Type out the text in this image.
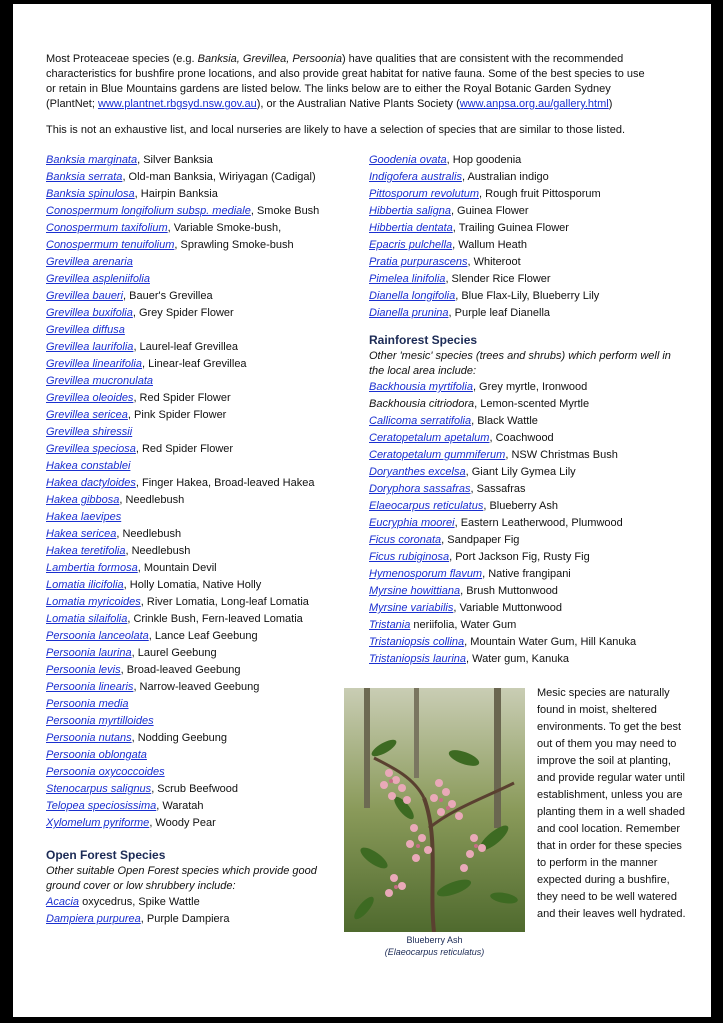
Most Proteaceae species (e.g. Banksia, Grevillea, Persoonia) have qualities that are consistent with the recommended characteristics for bushfire prone locations, and also provide great habitat for native fauna. Some of the best species to use or retain in Blue Mountains gardens are listed below. The links below are to either the Royal Botanic Garden Sydney (PlantNet; www.plantnet.rbgsyd.nsw.gov.au), or the Australian Native Plants Society (www.anpsa.org.au/gallery.html)

This is not an exhaustive list, and local nurseries are likely to have a selection of species that are similar to those listed.

Banksia marginata, Silver Banksia
Banksia serrata, Old-man Banksia, Wiriyagan (Cadigal)
Banksia spinulosa, Hairpin Banksia
Conospermum longifolium subsp. mediale, Smoke Bush
Conospermum taxifolium, Variable Smoke-bush,
Conospermum tenuifolium, Sprawling Smoke-bush
Grevillea arenaria
Grevillea aspleniifolia
Grevillea baueri, Bauer's Grevillea
Grevillea buxifolia, Grey Spider Flower
Grevillea diffusa
Grevillea laurifolia, Laurel-leaf Grevillea
Grevillea linearifolia, Linear-leaf Grevillea
Grevillea mucronulata
Grevillea oleoides, Red Spider Flower
Grevillea sericea, Pink Spider Flower
Grevillea shiressii
Grevillea speciosa, Red Spider Flower
Hakea constablei
Hakea dactyloides, Finger Hakea, Broad-leaved Hakea
Hakea gibbosa, Needlebush
Hakea laevipes
Hakea sericea, Needlebush
Hakea teretifolia, Needlebush
Lambertia formosa, Mountain Devil
Lomatia ilicifolia, Holly Lomatia, Native Holly
Lomatia myricoides, River Lomatia, Long-leaf Lomatia
Lomatia silaifolia, Crinkle Bush, Fern-leaved Lomatia
Persoonia lanceolata, Lance Leaf Geebung
Persoonia laurina, Laurel Geebung
Persoonia levis, Broad-leaved Geebung
Persoonia linearis, Narrow-leaved Geebung
Persoonia media
Persoonia myrtilloides
Persoonia nutans, Nodding Geebung
Persoonia oblongata
Persoonia oxycoccoides
Stenocarpus salignus, Scrub Beefwood
Telopea speciosissima, Waratah
Xylomelum pyriforme, Woody Pear
Open Forest Species
Other suitable Open Forest species which provide good ground cover or low shrubbery include:
Acacia oxycedrus, Spike Wattle
Dampiera purpurea, Purple Dampiera
Goodenia ovata, Hop goodenia
Indigofera australis, Australian indigo
Pittosporum revolutum, Rough fruit Pittosporum
Hibbertia saligna, Guinea Flower
Hibbertia dentata, Trailing Guinea Flower
Epacris pulchella, Wallum Heath
Pratia purpurascens, Whiteroot
Pimelea linifolia, Slender Rice Flower
Dianella longifolia, Blue Flax-Lily, Blueberry Lily
Dianella prunina, Purple leaf Dianella
Rainforest Species
Other 'mesic' species (trees and shrubs) which perform well in the local area include:
Backhousia myrtifolia, Grey myrtle, Ironwood
Backhousia citriodora, Lemon-scented Myrtle
Callicoma serratifolia, Black Wattle
Ceratopetalum apetalum, Coachwood
Ceratopetalum gummiferum, NSW Christmas Bush
Doryanthes excelsa, Giant Lily Gymea Lily
Doryphora sassafras, Sassafras
Elaeocarpus reticulatus, Blueberry Ash
Eucryphia moorei, Eastern Leatherwood, Plumwood
Ficus coronata, Sandpaper Fig
Ficus rubiginosa, Port Jackson Fig, Rusty Fig
Hymenosporum flavum, Native frangipani
Myrsine howittiana, Brush Muttonwood
Myrsine variabilis, Variable Muttonwood
Tristania neriifolia, Water Gum
Tristaniopsis collina, Mountain Water Gum, Hill Kanuka
Tristaniopsis laurina, Water gum, Kanuka
Blueberry Ash
(Elaeocarpus reticulatus)

Mesic species are naturally found in moist, sheltered environments. To get the best out of them you may need to improve the soil at planting, and provide regular water until establishment, unless you are planting them in a well shaded and cool location. Remember that in order for these species to perform in the manner expected during a bushfire, they need to be well watered and their leaves well hydrated.
